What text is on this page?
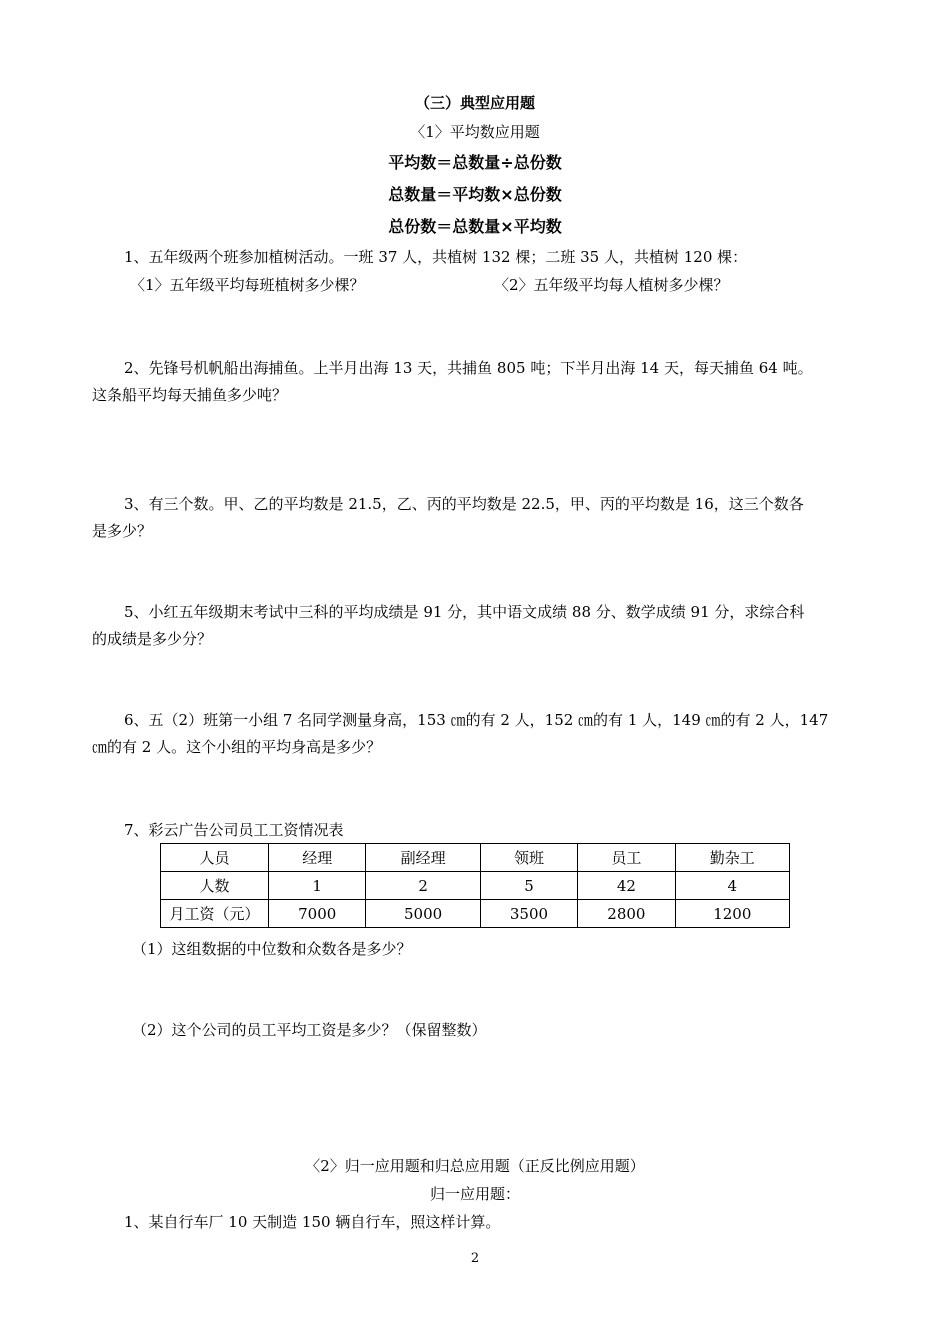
（三）典型应用题
〈1〉平均数应用题
平均数＝总数量÷总份数
总数量＝平均数×总份数
总份数＝总数量×平均数
1、五年级两个班参加植树活动。一班 37 人，共植树 132 棵；二班 35 人，共植树 120 棵：
〈1〉五年级平均每班植树多少棵？	〈2〉五年级平均每人植树多少棵？
2、先锋号机帆船出海捕鱼。上半月出海 13 天，共捕鱼 805 吨；下半月出海 14 天，每天捕鱼 64 吨。
这条船平均每天捕鱼多少吨？
3、有三个数。甲、乙的平均数是 21.5，乙、丙的平均数是 22.5，甲、丙的平均数是 16，这三个数各
是多少？
5、小红五年级期末考试中三科的平均成绩是 91 分，其中语文成绩 88 分、数学成绩 91 分，求综合科
的成绩是多少分？
6、五（2）班第一小组 7 名同学测量身高，153 ㎝的有 2 人，152 ㎝的有 1 人，149 ㎝的有 2 人，147
㎝的有 2 人。这个小组的平均身高是多少？
7、彩云广告公司员工工资情况表
人员	经理	副经理	领班	员工	勤杂工
人数	1	2	5	42	4
月工资（元）	7000	5000	3500	2800	1200
（1）这组数据的中位数和众数各是多少？
（2）这个公司的员工平均工资是多少？（保留整数）
〈2〉归一应用题和归总应用题（正反比例应用题）
归一应用题：
1、某自行车厂 10 天制造 150 辆自行车，照这样计算。
2
